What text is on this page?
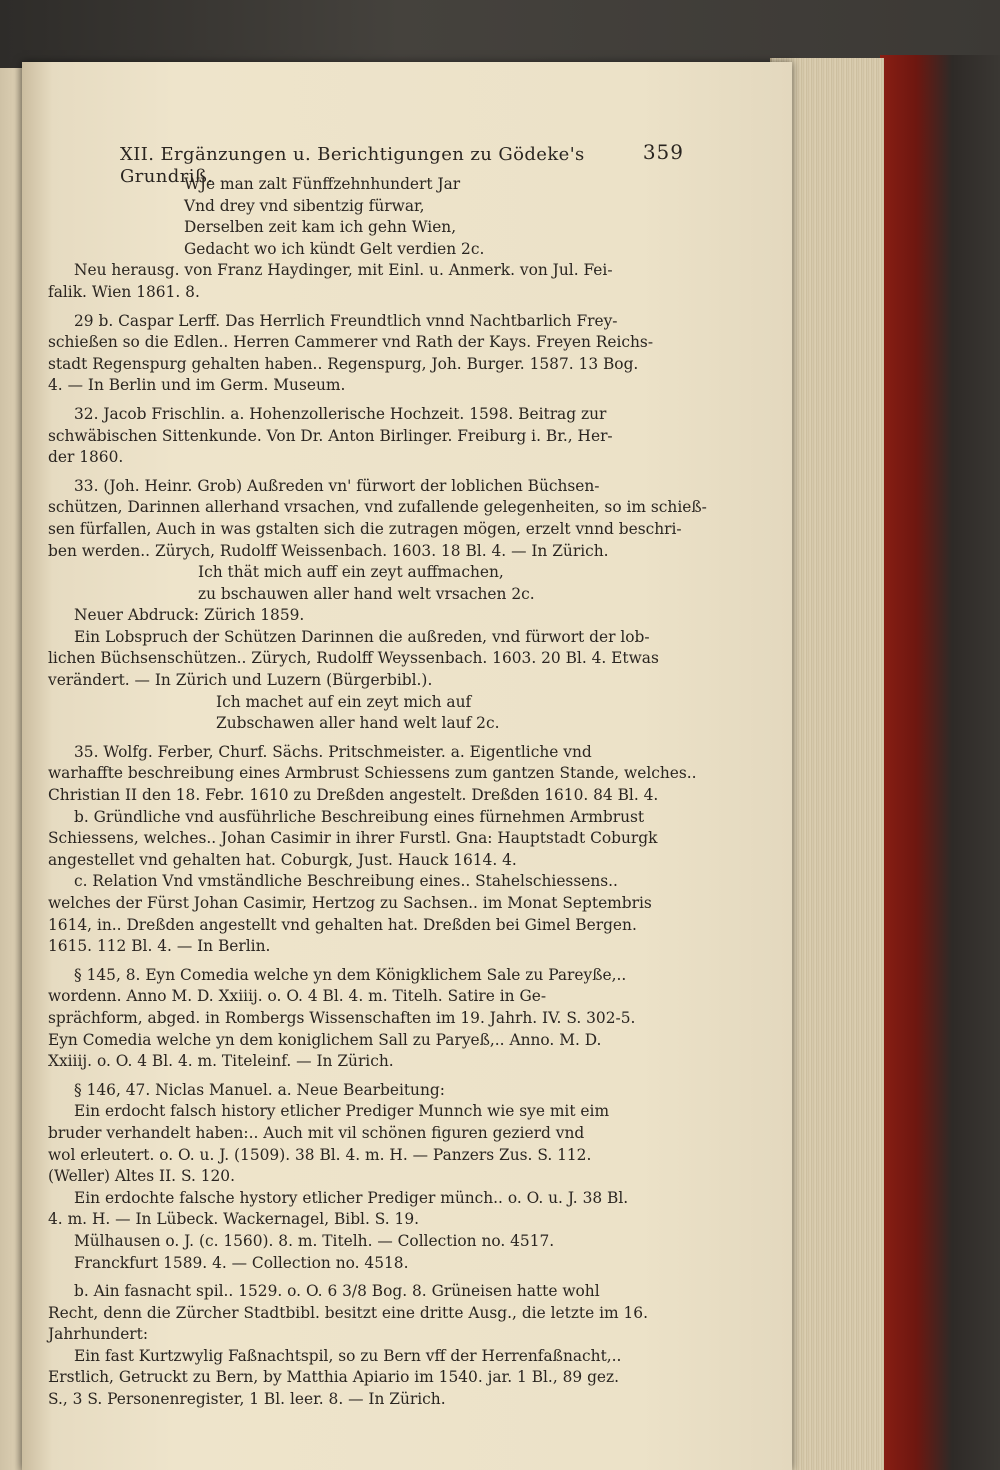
XII. Ergänzungen u. Berichtigungen zu Gödeke's Grundriß.
359
WJe man zalt Fünffzehnhundert Jar
Vnd drey vnd sibentzig fürwar,
Derselben zeit kam ich gehn Wien,
Gedacht wo ich kündt Gelt verdien 2c.
Neu herausg. von Franz Haydinger, mit Einl. u. Anmerk. von Jul. Fei-
falik. Wien 1861. 8.
29 b. Caspar Lerff. Das Herrlich Freundtlich vnnd Nachtbarlich Frey-
schießen so die Edlen.. Herren Cammerer vnd Rath der Kays. Freyen Reichs-
stadt Regenspurg gehalten haben.. Regenspurg, Joh. Burger. 1587. 13 Bog.
4. — In Berlin und im Germ. Museum.
32. Jacob Frischlin. a. Hohenzollerische Hochzeit. 1598. Beitrag zur
schwäbischen Sittenkunde. Von Dr. Anton Birlinger. Freiburg i. Br., Her-
der 1860.
33. (Joh. Heinr. Grob) Außreden vn' fürwort der loblichen Büchsen-
schützen, Darinnen allerhand vrsachen, vnd zufallende gelegenheiten, so im schieß-
sen fürfallen, Auch in was gstalten sich die zutragen mögen, erzelt vnnd beschri-
ben werden.. Zürych, Rudolff Weissenbach. 1603. 18 Bl. 4. — In Zürich.
Ich thät mich auff ein zeyt auffmachen,
zu bschauwen aller hand welt vrsachen 2c.
Neuer Abdruck: Zürich 1859.
Ein Lobspruch der Schützen Darinnen die außreden, vnd fürwort der lob-
lichen Büchsenschützen.. Zürych, Rudolff Weyssenbach. 1603. 20 Bl. 4. Etwas
verändert. — In Zürich und Luzern (Bürgerbibl.).
Ich machet auf ein zeyt mich auf
Zubschawen aller hand welt lauf 2c.
35. Wolfg. Ferber, Churf. Sächs. Pritschmeister. a. Eigentliche vnd
warhaffte beschreibung eines Armbrust Schiessens zum gantzen Stande, welches..
Christian II den 18. Febr. 1610 zu Dreßden angestelt. Dreßden 1610. 84 Bl. 4.
b. Gründliche vnd ausführliche Beschreibung eines fürnehmen Armbrust
Schiessens, welches.. Johan Casimir in ihrer Furstl. Gna: Hauptstadt Coburgk
angestellet vnd gehalten hat. Coburgk, Just. Hauck 1614. 4.
c. Relation Vnd vmständliche Beschreibung eines.. Stahelschiessens..
welches der Fürst Johan Casimir, Hertzog zu Sachsen.. im Monat Septembris
1614, in.. Dreßden angestellt vnd gehalten hat. Dreßden bei Gimel Bergen.
1615. 112 Bl. 4. — In Berlin.
§ 145, 8. Eyn Comedia welche yn dem Königklichem Sale zu Pareyße,..
wordenn. Anno M. D. Xxiiij. o. O. 4 Bl. 4. m. Titelh. Satire in Ge-
sprächform, abged. in Rombergs Wissenschaften im 19. Jahrh. IV. S. 302-5.
Eyn Comedia welche yn dem koniglichem Sall zu Paryeß,.. Anno. M. D.
Xxiiij. o. O. 4 Bl. 4. m. Titeleinf. — In Zürich.
§ 146, 47. Niclas Manuel. a. Neue Bearbeitung:
Ein erdocht falsch history etlicher Prediger Munnch wie sye mit eim
bruder verhandelt haben:.. Auch mit vil schönen figuren gezierd vnd
wol erleutert. o. O. u. J. (1509). 38 Bl. 4. m. H. — Panzers Zus. S. 112.
(Weller) Altes II. S. 120.
Ein erdochte falsche hystory etlicher Prediger münch.. o. O. u. J. 38 Bl.
4. m. H. — In Lübeck. Wackernagel, Bibl. S. 19.
Mülhausen o. J. (c. 1560). 8. m. Titelh. — Collection no. 4517.
Franckfurt 1589. 4. — Collection no. 4518.
b. Ain fasnacht spil.. 1529. o. O. 6 3/8 Bog. 8. Grüneisen hatte wohl
Recht, denn die Zürcher Stadtbibl. besitzt eine dritte Ausg., die letzte im 16.
Jahrhundert:
Ein fast Kurtzwylig Faßnachtspil, so zu Bern vff der Herrenfaßnacht,..
Erstlich, Getruckt zu Bern, by Matthia Apiario im 1540. jar. 1 Bl., 89 gez.
S., 3 S. Personenregister, 1 Bl. leer. 8. — In Zürich.
